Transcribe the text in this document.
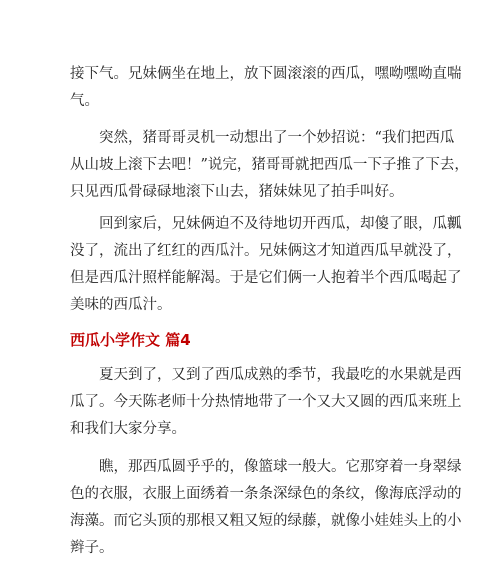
接下气。兄妹俩坐在地上，放下圆滚滚的西瓜，嘿呦嘿呦直喘
气。

突然，猪哥哥灵机一动想出了一个妙招说：“我们把西瓜
从山坡上滚下去吧！”说完，猪哥哥就把西瓜一下子推了下去，
只见西瓜骨碌碌地滚下山去，猪妹妹见了拍手叫好。

回到家后，兄妹俩迫不及待地切开西瓜，却傻了眼，瓜瓤
没了，流出了红红的西瓜汁。兄妹俩这才知道西瓜早就没了，
但是西瓜汁照样能解渴。于是它们俩一人抱着半个西瓜喝起了
美味的西瓜汁。

西瓜小学作文 篇4

夏天到了，又到了西瓜成熟的季节，我最吃的水果就是西
瓜了。今天陈老师十分热情地带了一个又大又圆的西瓜来班上
和我们大家分享。

瞧，那西瓜圆乎乎的，像篮球一般大。它那穿着一身翠绿
色的衣服，衣服上面绣着一条条深绿色的条纹，像海底浮动的
海藻。而它头顶的那根又粗又短的绿藤，就像小娃娃头上的小
辫子。
